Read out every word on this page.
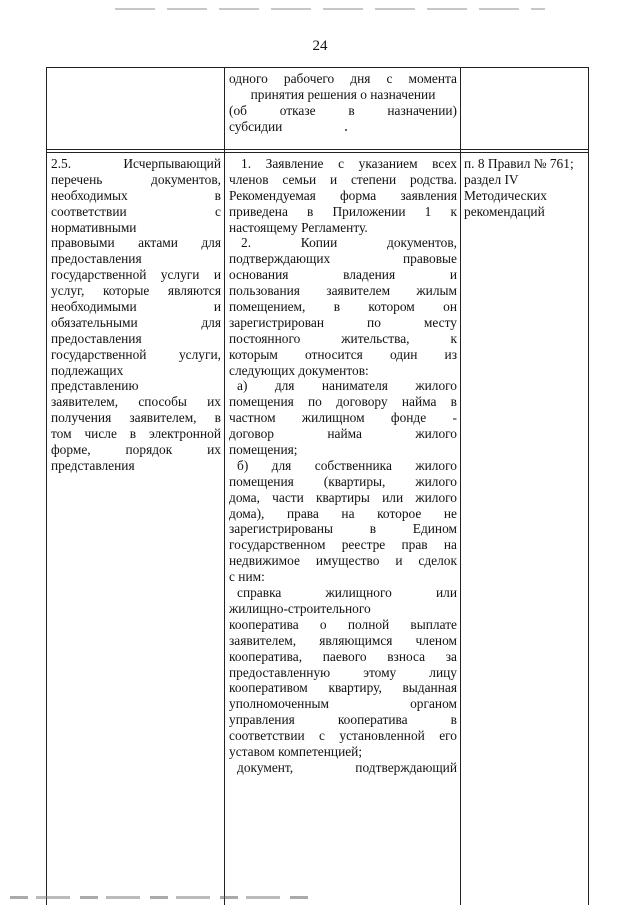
24
одного рабочего дня с момента
принятия решения о назначении
(об отказе в назначении)
субсидии
2.5. Исчерпывающий
перечень документов,
необходимых в
соответствии с
нормативными
правовыми актами для
предоставления
государственной услуги и
услуг, которые являются
необходимыми и
обязательными для
предоставления
государственной услуги,
подлежащих
представлению
заявителем, способы их
получения заявителем, в
том числе в электронной
форме, порядок их
представления
1. Заявление с указанием всех
членов семьи и степени родства.
Рекомендуемая форма заявления
приведена в Приложении 1 к
настоящему Регламенту.
2. Копии документов,
подтверждающих правовые
основания владения и
пользования заявителем жилым
помещением, в котором он
зарегистрирован по месту
постоянного жительства, к
которым относится один из
следующих документов:
а) для нанимателя жилого
помещения по договору найма в
частном жилищном фонде -
договор найма жилого
помещения;
б) для собственника жилого
помещения (квартиры, жилого
дома, части квартиры или жилого
дома), права на которое не
зарегистрированы в Едином
государственном реестре прав на
недвижимое имущество и сделок
с ним:
справка жилищного или
жилищно-строительного
кооператива о полной выплате
заявителем, являющимся членом
кооператива, паевого взноса за
предоставленную этому лицу
кооперативом квартиру, выданная
уполномоченным органом
управления кооператива в
соответствии с установленной его
уставом компетенцией;
документ, подтверждающий
п. 8 Правил № 761;
раздел IV
Методических
рекомендаций
